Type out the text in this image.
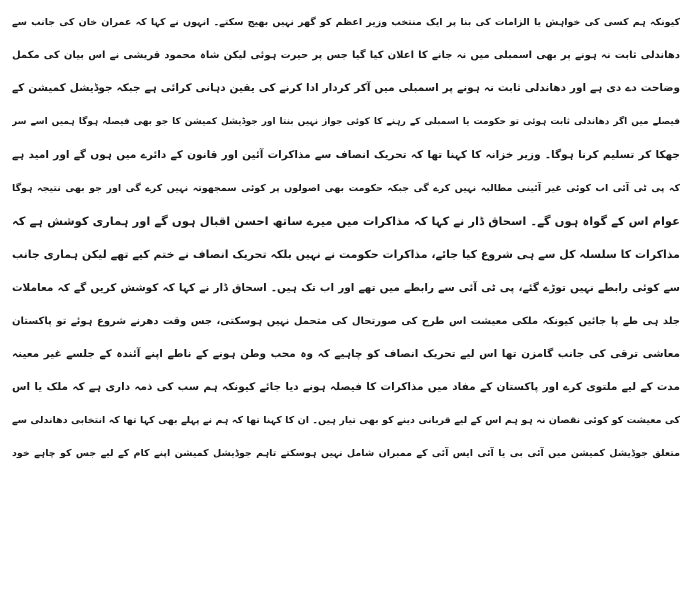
کیونکہ ہم کسی کی خواہش یا الزامات کی بنا پر ایک منتخب وزیر اعظم کو گھر نہیں بھیج سکتے۔ انہوں نے کہا کہ عمران خان کی جانب سے
دھاندلی ثابت نہ ہونے پر بھی اسمبلی میں نہ جانے کا اعلان کیا گیا جس پر حیرت ہوئی لیکن شاہ محمود قریشی نے اس بیان کی مکمل
وضاحت دے دی ہے اور دھاندلی ثابت نہ ہونے پر اسمبلی میں آکر کردار ادا کرنے کی یقین دہانی کرائی ہے جبکہ جوڈیشل کمیشن کے
فیصلے میں اگر دھاندلی ثابت ہوئی تو حکومت یا اسمبلی کے رہنے کا کوئی جواز نہیں بنتا اور جوڈیشل کمیشن کا جو بھی فیصلہ ہوگا ہمیں اسے سر
جھکا کر تسلیم کرنا ہوگا۔ وزیر خزانہ کا کہنا تھا کہ تحریک انصاف سے مذاکرات آئین اور قانون کے دائرے میں ہوں گے اور امید ہے
کہ پی ٹی آئی اب کوئی غیر آئینی مطالبہ نہیں کرے گی جبکہ حکومت بھی اصولوں پر کوئی سمجھوتہ نہیں کرے گی اور جو بھی نتیجہ ہوگا
عوام اس کے گواہ ہوں گے۔ اسحاق ڈار نے کہا کہ مذاکرات میں میرے ساتھ احسن اقبال ہوں گے اور ہماری کوشش ہے کہ
مذاکرات کا سلسلہ کل سے ہی شروع کیا جائے، مذاکرات حکومت نے نہیں بلکہ تحریک انصاف نے ختم کیے تھے لیکن ہماری جانب
سے کوئی رابطے نہیں توڑے گئے، پی ٹی آئی سے رابطے میں تھے اور اب تک ہیں۔ اسحاق ڈار نے کہا کہ کوشش کریں گے کہ معاملات
جلد ہی طے پا جائیں کیونکہ ملکی معیشت اس طرح کی صورتحال کی متحمل نہیں ہوسکتی، جس وقت دھرنے شروع ہوئے تو پاکستان
معاشی ترقی کی جانب گامزن تھا اس لیے تحریک انصاف کو چاہیے کہ وہ محب وطن ہونے کے ناطے اپنے آئندہ کے جلسے غیر معینہ
مدت کے لیے ملتوی کرے اور پاکستان کے مفاد میں مذاکرات کا فیصلہ ہونے دیا جائے کیونکہ ہم سب کی ذمہ داری ہے کہ ملک یا اس
کی معیشت کو کوئی نقصان نہ ہو ہم اس کے لیے قربانی دینے کو بھی تیار ہیں۔ ان کا کہنا تھا کہ ہم نے پہلے بھی کہا تھا کہ انتخابی دھاندلی سے
متعلق جوڈیشل کمیشن میں آئی بی یا آئی ایس آئی کے ممبران شامل نہیں ہوسکتے تاہم جوڈیشل کمیشن اپنے کام کے لیے جس کو چاہے خود
